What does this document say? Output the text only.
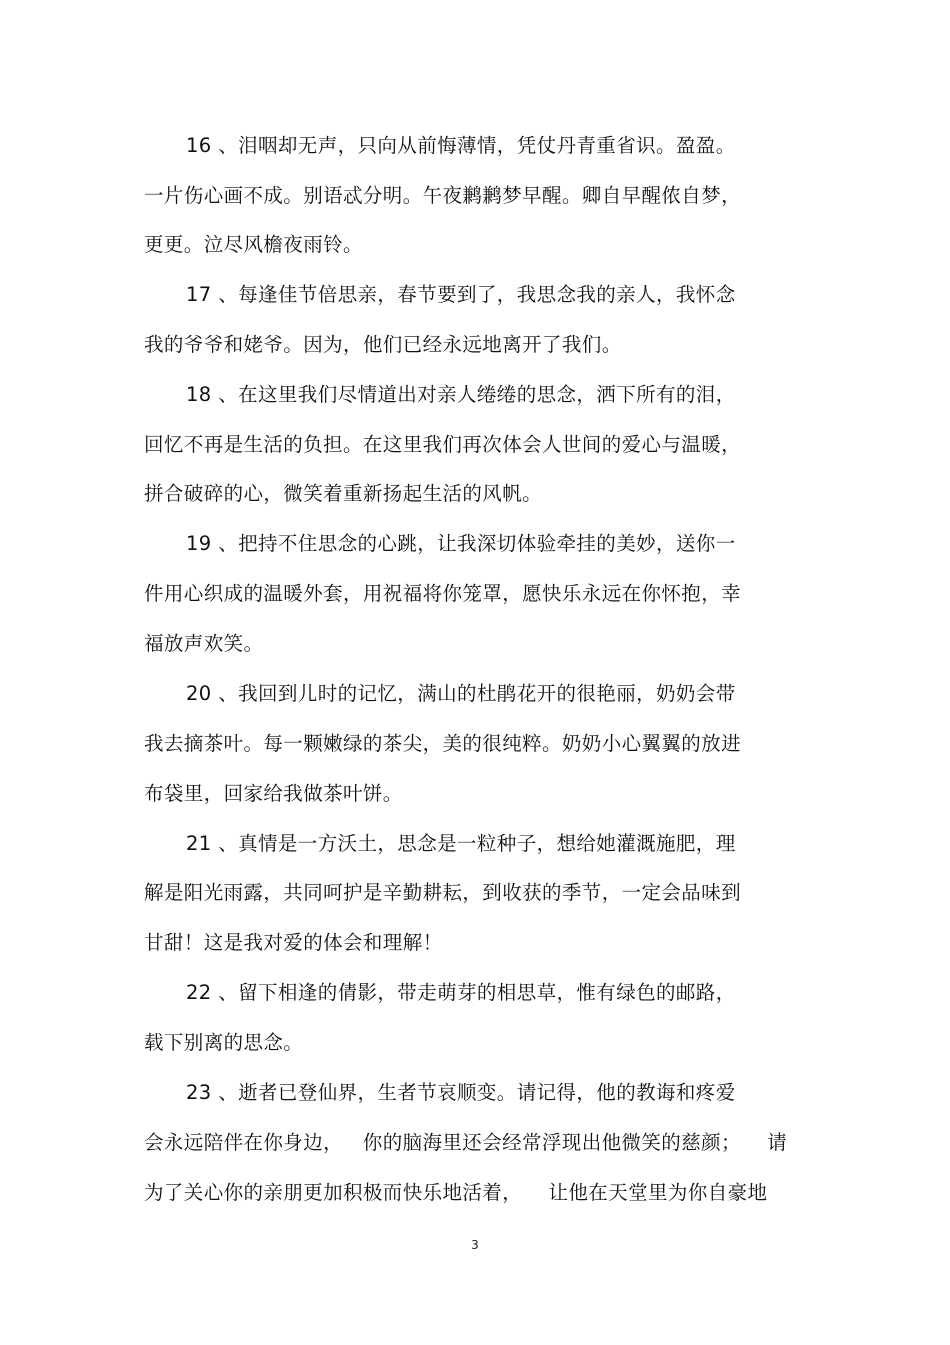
16 、泪咽却无声，只向从前悔薄情，凭仗丹青重省识。盈盈。
一片伤心画不成。别语忒分明。午夜鹣鹣梦早醒。卿自早醒侬自梦，
更更。泣尽风檐夜雨铃。
17 、每逢佳节倍思亲，春节要到了，我思念我的亲人，我怀念
我的爷爷和姥爷。因为，他们已经永远地离开了我们。
18 、在这里我们尽情道出对亲人绻绻的思念，洒下所有的泪，
回忆不再是生活的负担。在这里我们再次体会人世间的爱心与温暖，
拼合破碎的心，微笑着重新扬起生活的风帆。
19 、把持不住思念的心跳，让我深切体验牵挂的美妙，送你一
件用心织成的温暖外套，用祝福将你笼罩，愿快乐永远在你怀抱，幸
福放声欢笑。
20 、我回到儿时的记忆，满山的杜鹃花开的很艳丽，奶奶会带
我去摘茶叶。每一颗嫩绿的茶尖，美的很纯粹。奶奶小心翼翼的放进
布袋里，回家给我做茶叶饼。
21 、真情是一方沃土，思念是一粒种子，想给她灌溉施肥，理
解是阳光雨露，共同呵护是辛勤耕耘，到收获的季节，一定会品味到
甘甜！这是我对爱的体会和理解！
22 、留下相逢的倩影，带走萌芽的相思草，惟有绿色的邮路，
载下别离的思念。
23 、逝者已登仙界，生者节哀顺变。请记得，他的教诲和疼爱
会永远陪伴在你身边，   你的脑海里还会经常浮现出他微笑的慈颜；    请
为了关心你的亲朋更加积极而快乐地活着，    让他在天堂里为你自豪地
3
